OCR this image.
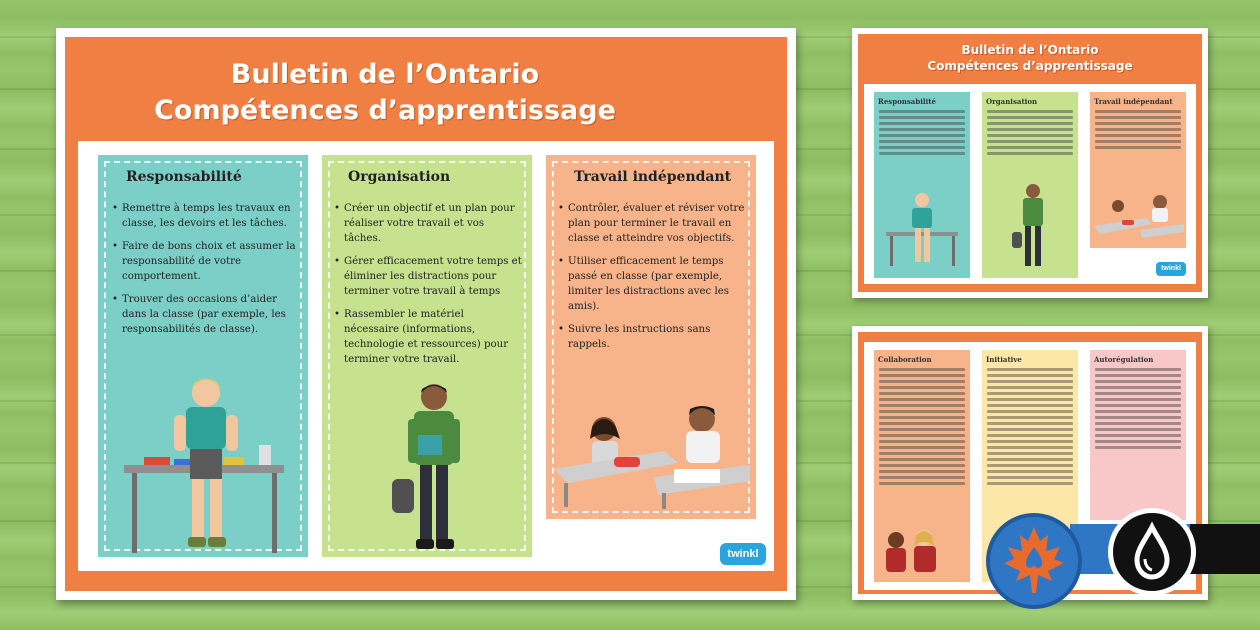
Bulletin de l’Ontario
Compétences d’apprentissage
Responsabilité
• Remettre à temps les travaux en classe, les devoirs et les tâches.
• Faire de bons choix et assumer la responsabilité de votre comportement.
• Trouver des occasions d’aider dans la classe (par exemple, les responsabilités de classe).
Organisation
• Créer un objectif et un plan pour réaliser votre travail et vos tâches.
• Gérer efficacement votre temps et éliminer les distractions pour terminer votre travail à temps
• Rassembler le matériel nécessaire (informations, technologie et ressources) pour terminer votre travail.
Travail indépendant
• Contrôler, évaluer et réviser votre plan pour terminer le travail en classe et atteindre vos objectifs.
• Utiliser efficacement le temps passé en classe (par exemple, limiter les distractions avec les amis).
• Suivre les instructions sans rappels.
twinkl
Bulletin de l’Ontario
Compétences d’apprentissage
Responsabilité	Organisation	Travail indépendant
twinkl
Collaboration	Initiative	Autorégulation
